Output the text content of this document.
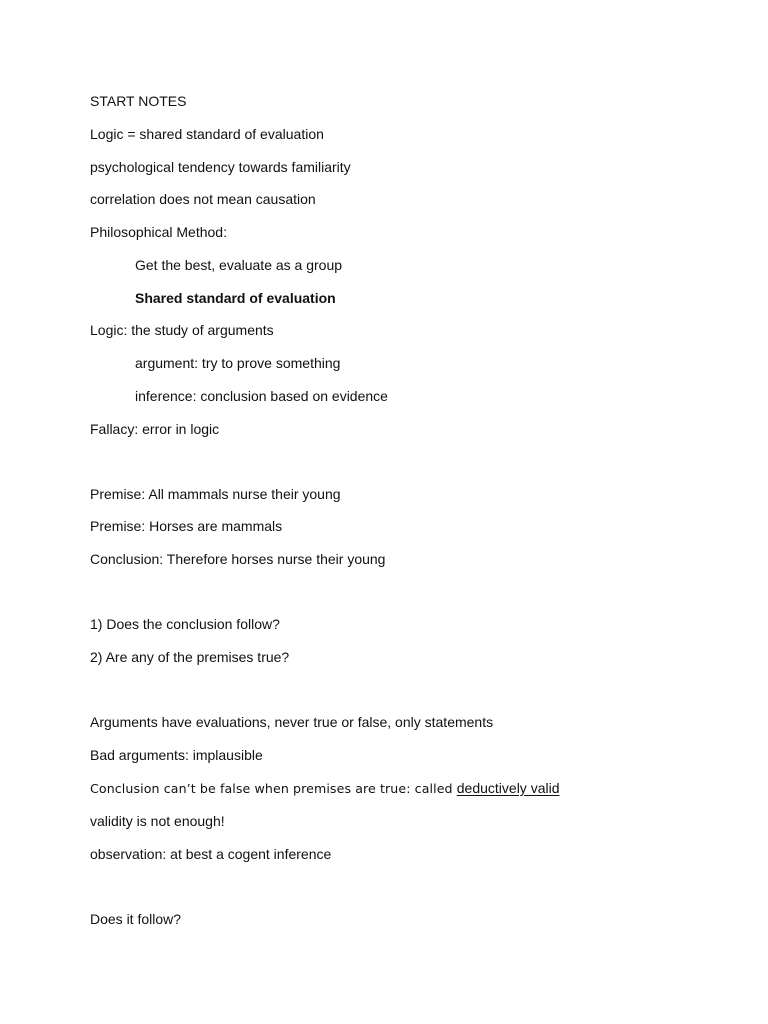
START NOTES
Logic = shared standard of evaluation
psychological tendency towards familiarity
correlation does not mean causation
Philosophical Method:
Get the best, evaluate as a group
Shared standard of evaluation
Logic: the study of arguments
argument: try to prove something
inference: conclusion based on evidence
Fallacy: error in logic
Premise: All mammals nurse their young
Premise: Horses are mammals
Conclusion: Therefore horses nurse their young
1) Does the conclusion follow?
2) Are any of the premises true?
Arguments have evaluations, never true or false, only statements
Bad arguments: implausible
Conclusion can’t be false when premises are true: called deductively valid
validity is not enough!
observation: at best a cogent inference
Does it follow?
